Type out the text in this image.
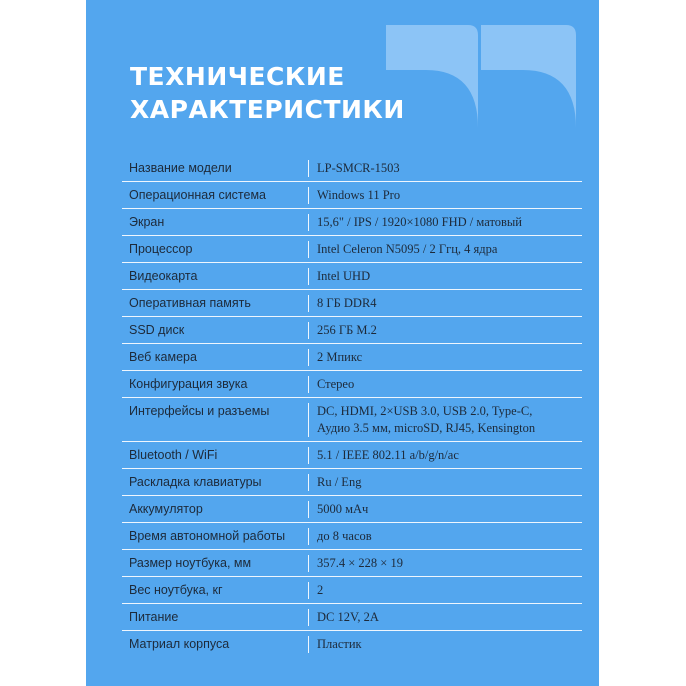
ТЕХНИЧЕСКИЕ
ХАРАКТЕРИСТИКИ
Название модели	LP-SMCR-1503
Операционная система	Windows 11 Pro
Экран	15,6" / IPS / 1920×1080 FHD / матовый
Процессор	Intel Celeron N5095 / 2 Ггц, 4 ядра
Видеокарта	Intel UHD
Оперативная память	8 ГБ DDR4
SSD диск	256 ГБ M.2
Веб камера	2 Мпикс
Конфигурация звука	Стерео
Интерфейсы и разъемы	DC, HDMI, 2×USB 3.0, USB 2.0, Type-C,
Аудио 3.5 мм, microSD, RJ45, Kensington
Bluetooth / WiFi	5.1 / IEEE 802.11 a/b/g/n/ac
Раскладка клавиатуры	Ru / Eng
Аккумулятор	5000 мАч
Время автономной работы	до 8 часов
Размер ноутбука, мм	357.4 × 228 × 19
Вес ноутбука, кг	2
Питание	DC 12V, 2A
Матриал корпуса	Пластик
